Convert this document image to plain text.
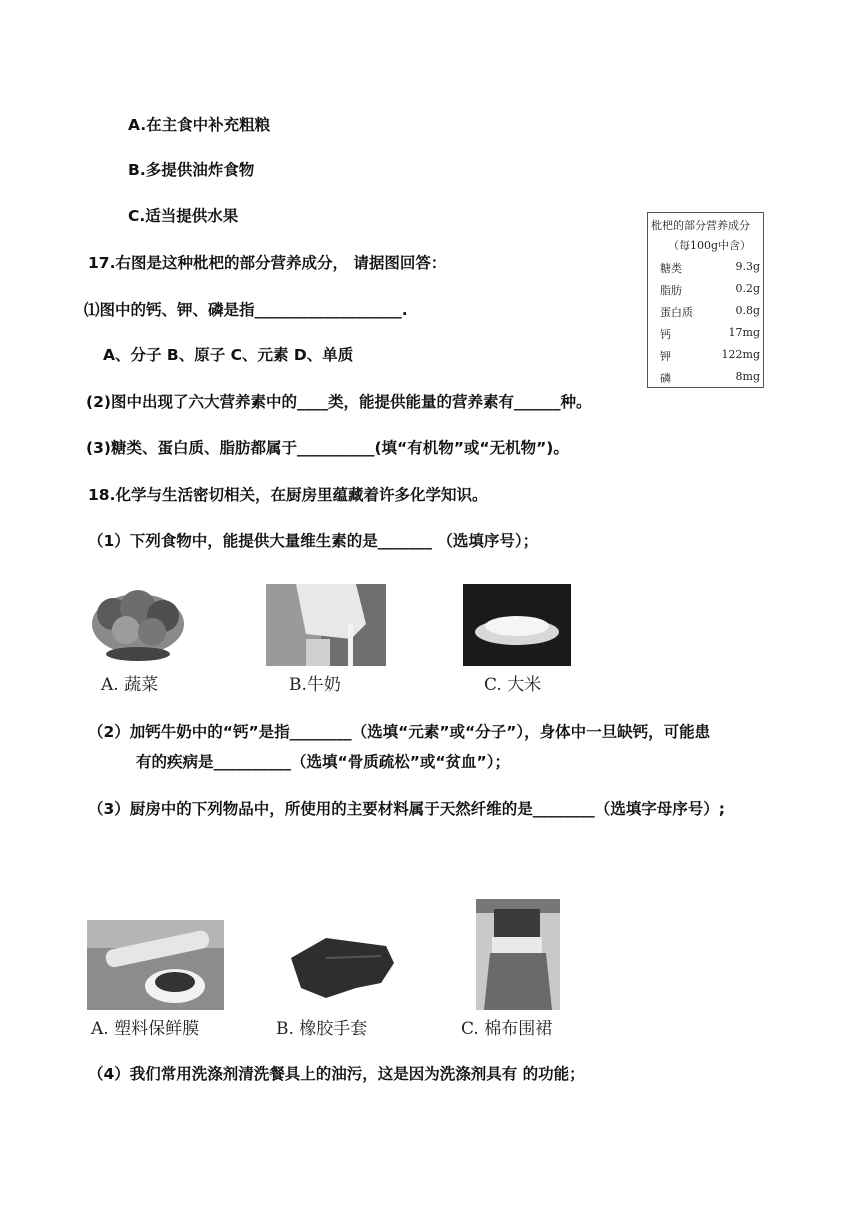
A.在主食中补充粗粮
B.多提供油炸食物
C.适当提供水果
枇杷的部分营养成分
（每100g中含）
糖类	9.3g
脂肪	0.2g
蛋白质	0.8g
钙	17mg
钾	122mg
磷	8mg
17.右图是这种枇杷的部分营养成分， 请据图回答：
⑴图中的钙、钾、磷是指___________________.
A、分子 B、原子 C、元素 D、单质
(2)图中出现了六大营养素中的____类，能提供能量的营养素有______种。
(3)糖类、蛋白质、脂肪都属于__________(填“有机物”或“无机物”)。
18.化学与生活密切相关，在厨房里蕴藏着许多化学知识。
（1）下列食物中，能提供大量维生素的是_______ （选填序号）；
A. 蔬菜	B.牛奶	C. 大米
（2）加钙牛奶中的“钙”是指________（选填“元素”或“分子”），身体中一旦缺钙，可能患
有的疾病是__________（选填“骨质疏松”或“贫血”）；
（3）厨房中的下列物品中，所使用的主要材料属于天然纤维的是________（选填字母序号）;
A. 塑料保鲜膜	B. 橡胶手套	C. 棉布围裙
（4）我们常用洗涤剂清洗餐具上的油污，这是因为洗涤剂具有 的功能；
